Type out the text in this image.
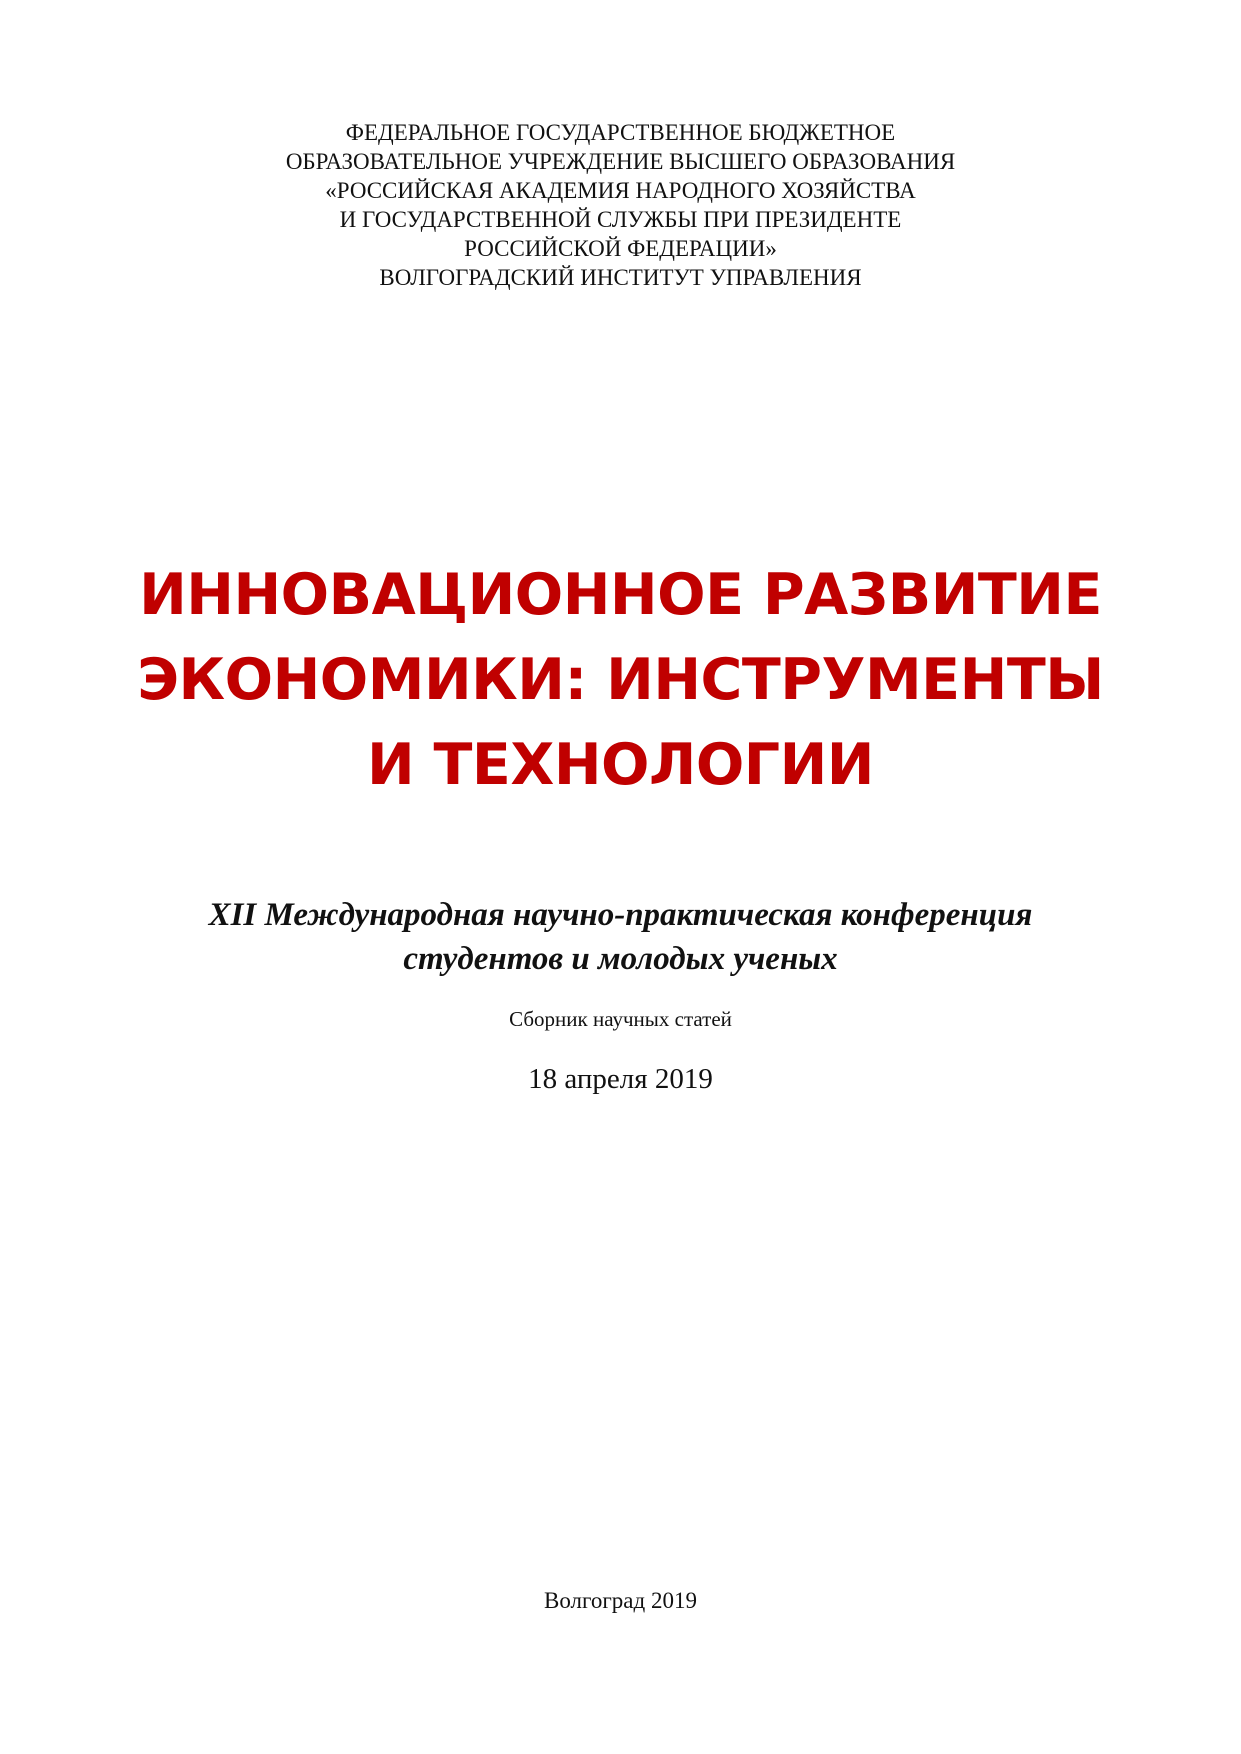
ФЕДЕРАЛЬНОЕ ГОСУДАРСТВЕННОЕ БЮДЖЕТНОЕ
ОБРАЗОВАТЕЛЬНОЕ УЧРЕЖДЕНИЕ ВЫСШЕГО ОБРАЗОВАНИЯ
«РОССИЙСКАЯ АКАДЕМИЯ НАРОДНОГО ХОЗЯЙСТВА
И ГОСУДАРСТВЕННОЙ СЛУЖБЫ ПРИ ПРЕЗИДЕНТЕ
РОССИЙСКОЙ ФЕДЕРАЦИИ»
ВОЛГОГРАДСКИЙ ИНСТИТУТ УПРАВЛЕНИЯ
ИННОВАЦИОННОЕ РАЗВИТИЕ
ЭКОНОМИКИ: ИНСТРУМЕНТЫ
И ТЕХНОЛОГИИ
XII Международная научно-практическая конференция
студентов и молодых ученых
Сборник научных статей
18 апреля 2019
Волгоград 2019
